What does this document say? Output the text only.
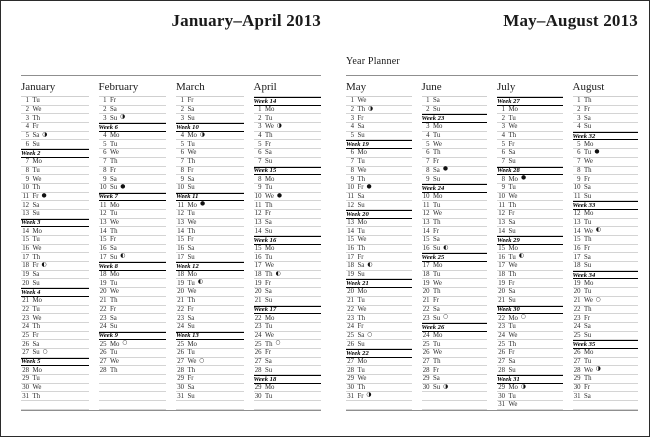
January–April 2013
January
1 Tu
2 We
3 Th
4 Fr
5 Sa ◑
6 Su
Week 2
7 Mo
8 Tu
9 We
10 Th
11 Fr ●
12 Sa
13 Su
Week 3
14 Mo
15 Tu
16 We
17 Th
18 Fr ◐
19 Sa
20 Su
Week 4
21 Mo
22 Tu
23 We
24 Th
25 Fr
26 Sa
27 Su ○
Week 5
28 Mo
29 Tu
30 We
31 Th
February
1 Fr
2 Sa
3 Su ◑
Week 6
4 Mo
5 Tu
6 We
7 Th
8 Fr
9 Sa
10 Su ●
Week 7
11 Mo
12 Tu
13 We
14 Th
15 Fr
16 Sa
17 Su ◐
Week 8
18 Mo
19 Tu
20 We
21 Th
22 Fr
23 Sa
24 Su
Week 9
25 Mo ○
26 Tu
27 We
28 Th
March
1 Fr
2 Sa
3 Su
Week 10
4 Mo ◑
5 Tu
6 We
7 Th
8 Fr
9 Sa
10 Su
Week 11
11 Mo ●
12 Tu
13 We
14 Th
15 Fr
16 Sa
17 Su
Week 12
18 Mo
19 Tu ◐
20 We
21 Th
22 Fr
23 Sa
24 Su
Week 13
25 Mo
26 Tu
27 We ○
28 Th
29 Fr
30 Sa
31 Su
April
Week 14
1 Mo
2 Tu
3 We ◑
4 Th
5 Fr
6 Sa
7 Su
Week 15
8 Mo
9 Tu
10 We ●
11 Th
12 Fr
13 Sa
14 Su
Week 16
15 Mo
16 Tu
17 We
18 Th ◐
19 Fr
20 Sa
21 Su
Week 17
22 Mo
23 Tu
24 We
25 Th ○
26 Fr
27 Sa
28 Su
Week 18
29 Mo
30 Tu
May–August 2013
Year Planner
May
1 We
2 Th ◑
3 Fr
4 Sa
5 Su
Week 19
6 Mo
7 Tu
8 We
9 Th
10 Fr ●
11 Sa
12 Su
Week 20
13 Mo
14 Tu
15 We
16 Th
17 Fr
18 Sa ◐
19 Su
Week 21
20 Mo
21 Tu
22 We
23 Th
24 Fr
25 Sa ○
26 Su
Week 22
27 Mo
28 Tu
29 We
30 Th
31 Fr ◑
June
1 Sa
2 Su
Week 23
3 Mo
4 Tu
5 We
6 Th
7 Fr
8 Sa ●
9 Su
Week 24
10 Mo
11 Tu
12 We
13 Th
14 Fr
15 Sa
16 Su ◐
Week 25
17 Mo
18 Tu
19 We
20 Th
21 Fr
22 Sa
23 Su ○
Week 26
24 Mo
25 Tu
26 We
27 Th
28 Fr
29 Sa
30 Su ◑
July
Week 27
1 Mo
2 Tu
3 We
4 Th
5 Fr
6 Sa
7 Su
Week 28
8 Mo ●
9 Tu
10 We
11 Th
12 Fr
13 Sa
14 Su
Week 29
15 Mo
16 Tu ◐
17 We
18 Th
19 Fr
20 Sa
21 Su
Week 30
22 Mo ○
23 Tu
24 We
25 Th
26 Fr
27 Sa
28 Su
Week 31
29 Mo ◑
30 Tu
31 We
August
1 Th
2 Fr
3 Sa
4 Su
Week 32
5 Mo
6 Tu ●
7 We
8 Th
9 Fr
10 Sa
11 Su
Week 33
12 Mo
13 Tu
14 We ◐
15 Th
16 Fr
17 Sa
18 Su
Week 34
19 Mo
20 Tu
21 We ○
22 Th
23 Fr
24 Sa
25 Su
Week 35
26 Mo
27 Tu
28 We ◑
29 Th
30 Fr
31 Sa
